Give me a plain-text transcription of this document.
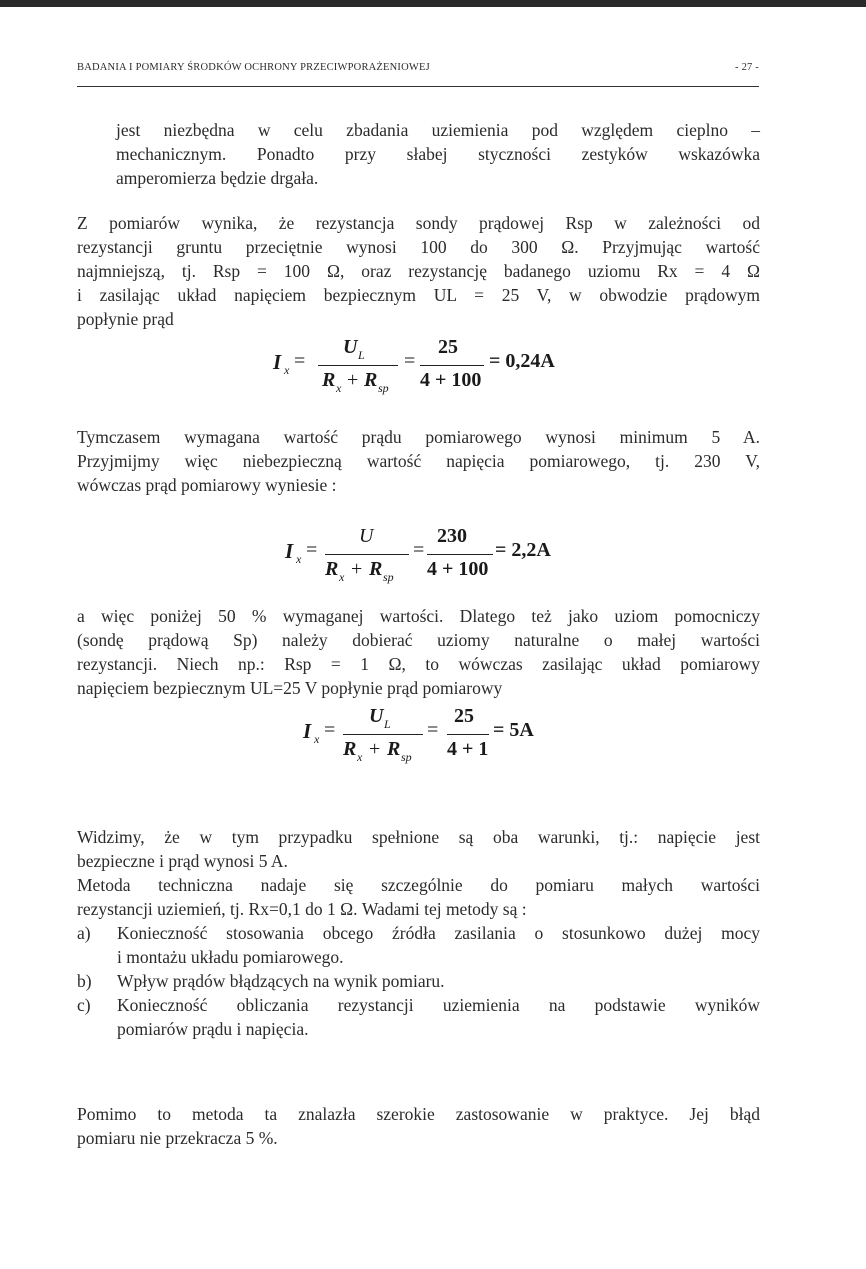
BADANIA I POMIARY ŚRODKÓW OCHRONY PRZECIWPORAŻENIOWEJ	- 27 -
jest niezbędna w celu zbadania uziemienia pod względem cieplno –
mechanicznym. Ponadto przy słabej styczności zestyków wskazówka
amperomierza będzie drgała.
Z pomiarów wynika, że rezystancja sondy prądowej Rsp w zależności od
rezystancji gruntu przeciętnie wynosi 100 do 300 Ω. Przyjmując wartość
najmniejszą, tj. Rsp = 100 Ω, oraz rezystancję badanego uziomu Rx = 4 Ω
i zasilając układ napięciem bezpiecznym UL = 25 V, w obwodzie prądowym
popłynie prąd
I x =
U L
R x + R sp
=
25
4 + 100
= 0,24A
Tymczasem wymagana wartość prądu pomiarowego wynosi minimum 5 A.
Przyjmijmy więc niebezpieczną wartość napięcia pomiarowego, tj. 230 V,
wówczas prąd pomiarowy wyniesie :
I x =
U
R x + R sp
=
230
4 + 100
= 2,2A
a więc poniżej 50 % wymaganej wartości. Dlatego też jako uziom pomocniczy
(sondę prądową Sp) należy dobierać uziomy naturalne o małej wartości
rezystancji. Niech np.: Rsp = 1 Ω, to wówczas zasilając układ pomiarowy
napięciem bezpiecznym UL=25 V popłynie prąd pomiarowy
I x =
U L
R x + R sp
=
25
4 + 1
= 5A
Widzimy, że w tym przypadku spełnione są oba warunki, tj.: napięcie jest
bezpieczne i prąd wynosi 5 A.
Metoda techniczna nadaje się szczególnie do pomiaru małych wartości
rezystancji uziemień, tj. Rx=0,1 do 1 Ω. Wadami tej metody są :
a) Konieczność stosowania obcego źródła zasilania o stosunkowo dużej mocy
i montażu układu pomiarowego.
b) Wpływ prądów błądzących na wynik pomiaru.
c) Konieczność obliczania rezystancji uziemienia na podstawie wyników
pomiarów prądu i napięcia.
Pomimo to metoda ta znalazła szerokie zastosowanie w praktyce. Jej błąd
pomiaru nie przekracza 5 %.
